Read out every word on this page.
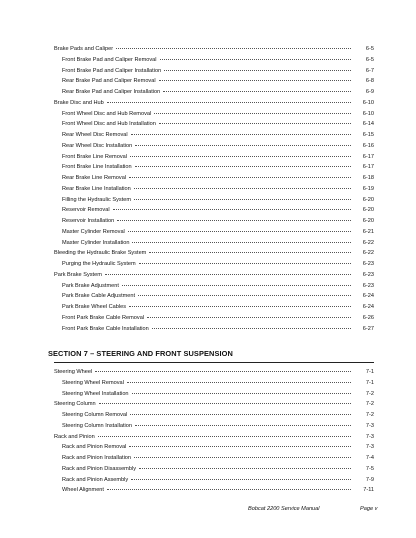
Brake Pads and Caliper	6-5
Front Brake Pad and Caliper Removal	6-5
Front Brake Pad and Caliper Installation	6-7
Rear Brake Pad and Caliper Removal	6-8
Rear Brake Pad and Caliper Installation	6-9
Brake Disc and Hub	6-10
Front Wheel Disc and Hub Removal	6-10
Front Wheel Disc and Hub Installation	6-14
Rear Wheel Disc Removal	6-15
Rear Wheel Disc Installation	6-16
Front Brake Line Removal	6-17
Front Brake Line Installation	6-17
Rear Brake Line Removal	6-18
Rear Brake Line Installation	6-19
Filling the Hydraulic System	6-20
Reservoir Removal	6-20
Reservoir Installation	6-20
Master Cylinder Removal	6-21
Master Cylinder Installation	6-22
Bleeding the Hydraulic Brake System	6-22
Purging the Hydraulic System	6-23
Park Brake System	6-23
Park Brake Adjustment	6-23
Park Brake Cable Adjustment	6-24
Park Brake Wheel Cables	6-24
Front Park Brake Cable Removal	6-26
Front Park Brake Cable Installation	6-27
SECTION 7 – STEERING AND FRONT SUSPENSION
Steering Wheel	7-1
Steering Wheel Removal	7-1
Steering Wheel Installation	7-2
Steering Column	7-2
Steering Column Removal	7-2
Steering Column Installation	7-3
Rack and Pinion	7-3
Rack and Pinion Removal	7-3
Rack and Pinion Installation	7-4
Rack and Pinion Disassembly	7-5
Rack and Pinion Assembly	7-9
Wheel Alignment	7-11
Bobcat 2200 Service Manual	Page v
